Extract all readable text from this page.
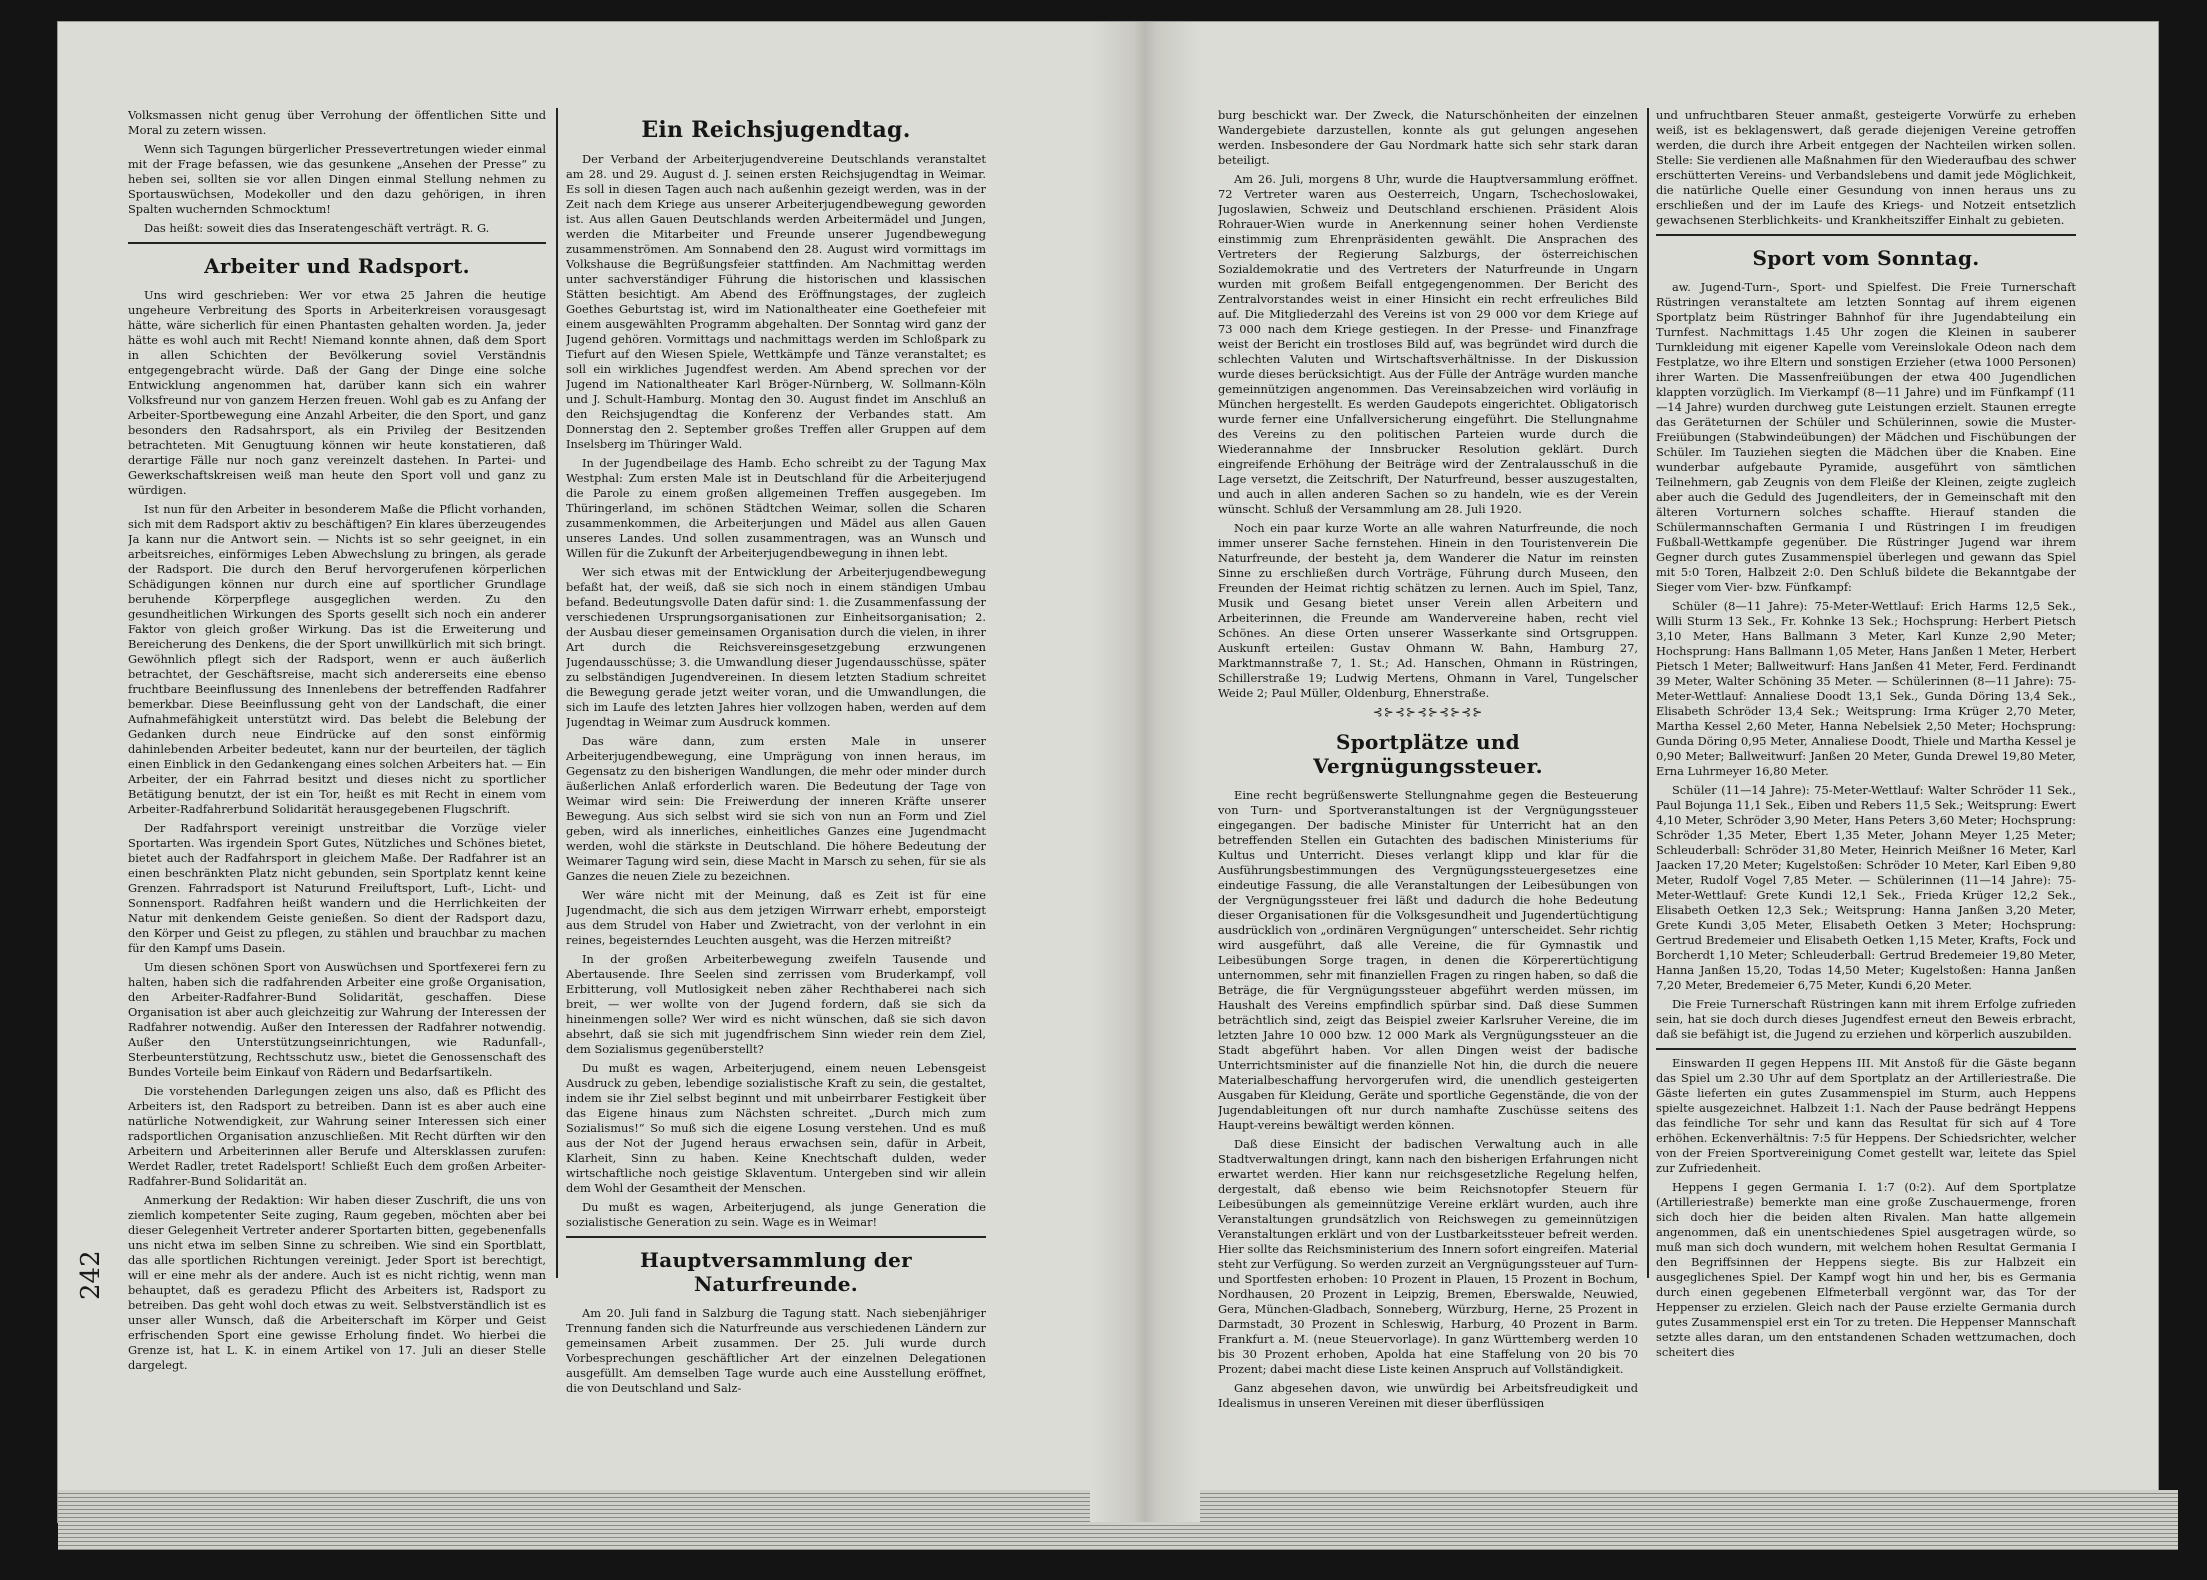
242

Volksmassen nicht genug über Verrohung der öffentlichen Sitte und Moral zu zetern wissen.

Wenn sich Tagungen bürgerlicher Pressevertretungen wieder einmal mit der Frage befassen, wie das gesunkene „Ansehen der Presse“ zu heben sei, sollten sie vor allen Dingen einmal Stellung nehmen zu Sportauswüchsen, Modekoller und den dazu gehörigen, in ihren Spalten wuchernden Schmocktum!

Das heißt: soweit dies das Inseratengeschäft verträgt. R. G.

Arbeiter und Radsport.

Uns wird geschrieben: Wer vor etwa 25 Jahren die heutige ungeheure Verbreitung des Sports in Arbeiterkreisen vorausgesagt hätte, wäre sicherlich für einen Phantasten gehalten worden. Ja, jeder hätte es wohl auch mit Recht! Niemand konnte ahnen, daß dem Sport in allen Schichten der Bevölkerung soviel Verständnis entgegengebracht würde. Daß der Gang der Dinge eine solche Entwicklung angenommen hat, darüber kann sich ein wahrer Volksfreund nur von ganzem Herzen freuen. Wohl gab es zu Anfang der Arbeiter-Sportbewegung eine Anzahl Arbeiter, die den Sport, und ganz besonders den Radsahrsport, als ein Privileg der Besitzenden betrachteten. Mit Genugtuung können wir heute konstatieren, daß derartige Fälle nur noch ganz vereinzelt dastehen. In Partei- und Gewerkschaftskreisen weiß man heute den Sport voll und ganz zu würdigen.

Ist nun für den Arbeiter in besonderem Maße die Pflicht vorhanden, sich mit dem Radsport aktiv zu beschäftigen? Ein klares überzeugendes Ja kann nur die Antwort sein. — Nichts ist so sehr geeignet, in ein arbeitsreiches, einförmiges Leben Abwechslung zu bringen, als gerade der Radsport. Die durch den Beruf hervorgerufenen körperlichen Schädigungen können nur durch eine auf sportlicher Grundlage beruhende Körperpflege ausgeglichen werden. Zu den gesundheitlichen Wirkungen des Sports gesellt sich noch ein anderer Faktor von gleich großer Wirkung. Das ist die Erweiterung und Bereicherung des Denkens, die der Sport unwillkürlich mit sich bringt. Gewöhnlich pflegt sich der Radsport, wenn er auch äußerlich betrachtet, der Geschäftsreise, macht sich andererseits eine ebenso fruchtbare Beeinflussung des Innenlebens der betreffenden Radfahrer bemerkbar. Diese Beeinflussung geht von der Landschaft, die einer Aufnahmefähigkeit unterstützt wird. Das belebt die Belebung der Gedanken durch neue Eindrücke auf den sonst einförmig dahinlebenden Arbeiter bedeutet, kann nur der beurteilen, der täglich einen Einblick in den Gedankengang eines solchen Arbeiters hat. — Ein Arbeiter, der ein Fahrrad besitzt und dieses nicht zu sportlicher Betätigung benutzt, der ist ein Tor, heißt es mit Recht in einem vom Arbeiter-Radfahrerbund Solidarität herausgegebenen Flugschrift.

Der Radfahrsport vereinigt unstreitbar die Vorzüge vieler Sportarten. Was irgendein Sport Gutes, Nützliches und Schönes bietet, bietet auch der Radfahrsport in gleichem Maße. Der Radfahrer ist an einen beschränkten Platz nicht gebunden, sein Sportplatz kennt keine Grenzen. Fahrradsport ist Naturund Freiluftsport, Luft-, Licht- und Sonnensport. Radfahren heißt wandern und die Herrlichkeiten der Natur mit denkendem Geiste genießen. So dient der Radsport dazu, den Körper und Geist zu pflegen, zu stählen und brauchbar zu machen für den Kampf ums Dasein.

Um diesen schönen Sport von Auswüchsen und Sportfexerei fern zu halten, haben sich die radfahrenden Arbeiter eine große Organisation, den Arbeiter-Radfahrer-Bund Solidarität, geschaffen. Diese Organisation ist aber auch gleichzeitig zur Wahrung der Interessen der Radfahrer notwendig. Außer den Interessen der Radfahrer notwendig. Außer den Unterstützungseinrichtungen, wie Radunfall-, Sterbeunterstützung, Rechtsschutz usw., bietet die Genossenschaft des Bundes Vorteile beim Einkauf von Rädern und Bedarfsartikeln.

Die vorstehenden Darlegungen zeigen uns also, daß es Pflicht des Arbeiters ist, den Radsport zu betreiben. Dann ist es aber auch eine natürliche Notwendigkeit, zur Wahrung seiner Interessen sich einer radsportlichen Organisation anzuschließen. Mit Recht dürften wir den Arbeitern und Arbeiterinnen aller Berufe und Altersklassen zurufen: Werdet Radler, tretet Radelsport! Schließt Euch dem großen Arbeiter-Radfahrer-Bund Solidarität an.

Anmerkung der Redaktion: Wir haben dieser Zuschrift, die uns von ziemlich kompetenter Seite zuging, Raum gegeben, möchten aber bei dieser Gelegenheit Vertreter anderer Sportarten bitten, gegebenenfalls uns nicht etwa im selben Sinne zu schreiben. Wie sind ein Sportblatt, das alle sportlichen Richtungen vereinigt. Jeder Sport ist berechtigt, will er eine mehr als der andere. Auch ist es nicht richtig, wenn man behauptet, daß es geradezu Pflicht des Arbeiters ist, Radsport zu betreiben. Das geht wohl doch etwas zu weit. Selbstverständlich ist es unser aller Wunsch, daß die Arbeiterschaft im Körper und Geist erfrischenden Sport eine gewisse Erholung findet. Wo hierbei die Grenze ist, hat L. K. in einem Artikel von 17. Juli an dieser Stelle dargelegt.

Ein Reichsjugendtag.

Der Verband der Arbeiterjugendvereine Deutschlands veranstaltet am 28. und 29. August d. J. seinen ersten Reichsjugendtag in Weimar. Es soll in diesen Tagen auch nach außenhin gezeigt werden, was in der Zeit nach dem Kriege aus unserer Arbeiterjugendbewegung geworden ist. Aus allen Gauen Deutschlands werden Arbeitermädel und Jungen, werden die Mitarbeiter und Freunde unserer Jugendbewegung zusammenströmen. Am Sonnabend den 28. August wird vormittags im Volkshause die Begrüßungsfeier stattfinden. Am Nachmittag werden unter sachverständiger Führung die historischen und klassischen Stätten besichtigt. Am Abend des Eröffnungstages, der zugleich Goethes Geburtstag ist, wird im Nationaltheater eine Goethefeier mit einem ausgewählten Programm abgehalten. Der Sonntag wird ganz der Jugend gehören. Vormittags und nachmittags werden im Schloßpark zu Tiefurt auf den Wiesen Spiele, Wettkämpfe und Tänze veranstaltet; es soll ein wirkliches Jugendfest werden. Am Abend sprechen vor der Jugend im Nationaltheater Karl Bröger-Nürnberg, W. Sollmann-Köln und J. Schult-Hamburg. Montag den 30. August findet im Anschluß an den Reichsjugendtag die Konferenz der Verbandes statt. Am Donnerstag den 2. September großes Treffen aller Gruppen auf dem Inselsberg im Thüringer Wald.

In der Jugendbeilage des Hamb. Echo schreibt zu der Tagung Max Westphal: Zum ersten Male ist in Deutschland für die Arbeiterjugend die Parole zu einem großen allgemeinen Treffen ausgegeben. Im Thüringerland, im schönen Städtchen Weimar, sollen die Scharen zusammenkommen, die Arbeiterjungen und Mädel aus allen Gauen unseres Landes. Und sollen zusammentragen, was an Wunsch und Willen für die Zukunft der Arbeiterjugendbewegung in ihnen lebt.

Wer sich etwas mit der Entwicklung der Arbeiterjugendbewegung befaßt hat, der weiß, daß sie sich noch in einem ständigen Umbau befand. Bedeutungsvolle Daten dafür sind: 1. die Zusammenfassung der verschiedenen Ursprungsorganisationen zur Einheitsorganisation; 2. der Ausbau dieser gemeinsamen Organisation durch die vielen, in ihrer Art durch die Reichsvereinsgesetzgebung erzwungenen Jugendausschüsse; 3. die Umwandlung dieser Jugendausschüsse, später zu selbständigen Jugendvereinen. In diesem letzten Stadium schreitet die Bewegung gerade jetzt weiter voran, und die Umwandlungen, die sich im Laufe des letzten Jahres hier vollzogen haben, werden auf dem Jugendtag in Weimar zum Ausdruck kommen.

Das wäre dann, zum ersten Male in unserer Arbeiterjugendbewegung, eine Umprägung von innen heraus, im Gegensatz zu den bisherigen Wandlungen, die mehr oder minder durch äußerlichen Anlaß erforderlich waren. Die Bedeutung der Tage von Weimar wird sein: Die Freiwerdung der inneren Kräfte unserer Bewegung. Aus sich selbst wird sie sich von nun an Form und Ziel geben, wird als innerliches, einheitliches Ganzes eine Jugendmacht werden, wohl die stärkste in Deutschland. Die höhere Bedeutung der Weimarer Tagung wird sein, diese Macht in Marsch zu sehen, für sie als Ganzes die neuen Ziele zu bezeichnen.

Wer wäre nicht mit der Meinung, daß es Zeit ist für eine Jugendmacht, die sich aus dem jetzigen Wirrwarr erhebt, emporsteigt aus dem Strudel von Haber und Zwietracht, von der verlohnt in ein reines, begeisterndes Leuchten ausgeht, was die Herzen mitreißt?

In der großen Arbeiterbewegung zweifeln Tausende und Abertausende. Ihre Seelen sind zerrissen vom Bruderkampf, voll Erbitterung, voll Mutlosigkeit neben zäher Rechthaberei nach sich breit, — wer wollte von der Jugend fordern, daß sie sich da hineinmengen solle? Wer wird es nicht wünschen, daß sie sich davon absehrt, daß sie sich mit jugendfrischem Sinn wieder rein dem Ziel, dem Sozialismus gegenüberstellt?

Du mußt es wagen, Arbeiterjugend, einem neuen Lebensgeist Ausdruck zu geben, lebendige sozialistische Kraft zu sein, die gestaltet, indem sie ihr Ziel selbst beginnt und mit unbeirrbarer Festigkeit über das Eigene hinaus zum Nächsten schreitet. „Durch mich zum Sozialismus!“ So muß sich die eigene Losung verstehen. Und es muß aus der Not der Jugend heraus erwachsen sein, dafür in Arbeit, Klarheit, Sinn zu haben. Keine Knechtschaft dulden, weder wirtschaftliche noch geistige Sklaventum. Untergeben sind wir allein dem Wohl der Gesamtheit der Menschen.

Du mußt es wagen, Arbeiterjugend, als junge Generation die sozialistische Generation zu sein. Wage es in Weimar!

Hauptversammlung der Naturfreunde.

Am 20. Juli fand in Salzburg die Tagung statt. Nach siebenjähriger Trennung fanden sich die Naturfreunde aus verschiedenen Ländern zur gemeinsamen Arbeit zusammen. Der 25. Juli wurde durch Vorbesprechungen geschäftlicher Art der einzelnen Delegationen ausgefüllt. Am demselben Tage wurde auch eine Ausstellung eröffnet, die von Deutschland und Salz-

burg beschickt war. Der Zweck, die Naturschönheiten der einzelnen Wandergebiete darzustellen, konnte als gut gelungen angesehen werden. Insbesondere der Gau Nordmark hatte sich sehr stark daran beteiligt.

Am 26. Juli, morgens 8 Uhr, wurde die Hauptversammlung eröffnet. 72 Vertreter waren aus Oesterreich, Ungarn, Tschechoslowakei, Jugoslawien, Schweiz und Deutschland erschienen. Präsident Alois Rohrauer-Wien wurde in Anerkennung seiner hohen Verdienste einstimmig zum Ehrenpräsidenten gewählt. Die Ansprachen des Vertreters der Regierung Salzburgs, der österreichischen Sozialdemokratie und des Vertreters der Naturfreunde in Ungarn wurden mit großem Beifall entgegengenommen. Der Bericht des Zentralvorstandes weist in einer Hinsicht ein recht erfreuliches Bild auf. Die Mitgliederzahl des Vereins ist von 29 000 vor dem Kriege auf 73 000 nach dem Kriege gestiegen. In der Presse- und Finanzfrage weist der Bericht ein trostloses Bild auf, was begründet wird durch die schlechten Valuten und Wirtschaftsverhältnisse. In der Diskussion wurde dieses berücksichtigt. Aus der Fülle der Anträge wurden manche gemeinnützigen angenommen. Das Vereinsabzeichen wird vorläufig in München hergestellt. Es werden Gaudepots eingerichtet. Obligatorisch wurde ferner eine Unfallversicherung eingeführt. Die Stellungnahme des Vereins zu den politischen Parteien wurde durch die Wiederannahme der Innsbrucker Resolution geklärt. Durch eingreifende Erhöhung der Beiträge wird der Zentralausschuß in die Lage versetzt, die Zeitschrift, Der Naturfreund, besser auszugestalten, und auch in allen anderen Sachen so zu handeln, wie es der Verein wünscht. Schluß der Versammlung am 28. Juli 1920.

Noch ein paar kurze Worte an alle wahren Naturfreunde, die noch immer unserer Sache fernstehen. Hinein in den Touristenverein Die Naturfreunde, der besteht ja, dem Wanderer die Natur im reinsten Sinne zu erschließen durch Vorträge, Führung durch Museen, den Freunden der Heimat richtig schätzen zu lernen. Auch im Spiel, Tanz, Musik und Gesang bietet unser Verein allen Arbeitern und Arbeiterinnen, die Freunde am Wandervereine haben, recht viel Schönes. An diese Orten unserer Wasserkante sind Ortsgruppen. Auskunft erteilen: Gustav Ohmann W. Bahn, Hamburg 27, Marktmannstraße 7, 1. St.; Ad. Hanschen, Ohmann in Rüstringen, Schillerstraße 19; Ludwig Mertens, Ohmann in Varel, Tungelscher Weide 2; Paul Müller, Oldenburg, Ehnerstraße.

⊰⊱⊰⊱⊰⊱⊰⊱⊰⊱
Sportplätze und Vergnügungssteuer.

Eine recht begrüßenswerte Stellungnahme gegen die Besteuerung von Turn- und Sportveranstaltungen ist der Vergnügungssteuer eingegangen. Der badische Minister für Unterricht hat an den betreffenden Stellen ein Gutachten des badischen Ministeriums für Kultus und Unterricht. Dieses verlangt klipp und klar für die Ausführungsbestimmungen des Vergnügungssteuergesetzes eine eindeutige Fassung, die alle Veranstaltungen der Leibesübungen von der Vergnügungssteuer frei läßt und dadurch die hohe Bedeutung dieser Organisationen für die Volksgesundheit und Jugendertüchtigung ausdrücklich von „ordinären Vergnügungen“ unterscheidet. Sehr richtig wird ausgeführt, daß alle Vereine, die für Gymnastik und Leibesübungen Sorge tragen, in denen die Körperertüchtigung unternommen, sehr mit finanziellen Fragen zu ringen haben, so daß die Beträge, die für Vergnügungssteuer abgeführt werden müssen, im Haushalt des Vereins empfindlich spürbar sind. Daß diese Summen beträchtlich sind, zeigt das Beispiel zweier Karlsruher Vereine, die im letzten Jahre 10 000 bzw. 12 000 Mark als Vergnügungssteuer an die Stadt abgeführt haben. Vor allen Dingen weist der badische Unterrichtsminister auf die finanzielle Not hin, die durch die neuere Materialbeschaffung hervorgerufen wird, die unendlich gesteigerten Ausgaben für Kleidung, Geräte und sportliche Gegenstände, die von der Jugendableitungen oft nur durch namhafte Zuschüsse seitens des Haupt-vereins bewältigt werden können.

Daß diese Einsicht der badischen Verwaltung auch in alle Stadtverwaltungen dringt, kann nach den bisherigen Erfahrungen nicht erwartet werden. Hier kann nur reichsgesetzliche Regelung helfen, dergestalt, daß ebenso wie beim Reichsnotopfer Steuern für Leibesübungen als gemeinnützige Vereine erklärt wurden, auch ihre Veranstaltungen grundsätzlich von Reichswegen zu gemeinnützigen Veranstaltungen erklärt und von der Lustbarkeitssteuer befreit werden. Hier sollte das Reichsministerium des Innern sofort eingreifen. Material steht zur Verfügung. So werden zurzeit an Vergnügungssteuer auf Turn- und Sportfesten erhoben: 10 Prozent in Plauen, 15 Prozent in Bochum, Nordhausen, 20 Prozent in Leipzig, Bremen, Eberswalde, Neuwied, Gera, München-Gladbach, Sonneberg, Würzburg, Herne, 25 Prozent in Darmstadt, 30 Prozent in Schleswig, Harburg, 40 Prozent in Barm. Frankfurt a. M. (neue Steuervorlage). In ganz Württemberg werden 10 bis 30 Prozent erhoben, Apolda hat eine Staffelung von 20 bis 70 Prozent; dabei macht diese Liste keinen Anspruch auf Vollständigkeit.

Ganz abgesehen davon, wie unwürdig bei Arbeitsfreudigkeit und Idealismus in unseren Vereinen mit dieser überflüssigen

und unfruchtbaren Steuer anmaßt, gesteigerte Vorwürfe zu erheben weiß, ist es beklagenswert, daß gerade diejenigen Vereine getroffen werden, die durch ihre Arbeit entgegen der Nachteilen wirken sollen. Stelle: Sie verdienen alle Maßnahmen für den Wiederaufbau des schwer erschütterten Vereins- und Verbandslebens und damit jede Möglichkeit, die natürliche Quelle einer Gesundung von innen heraus uns zu erschließen und der im Laufe des Kriegs- und Notzeit entsetzlich gewachsenen Sterblichkeits- und Krankheitsziffer Einhalt zu gebieten.

Sport vom Sonntag.

aw. Jugend-Turn-, Sport- und Spielfest. Die Freie Turnerschaft Rüstringen veranstaltete am letzten Sonntag auf ihrem eigenen Sportplatz beim Rüstringer Bahnhof für ihre Jugendabteilung ein Turnfest. Nachmittags 1.45 Uhr zogen die Kleinen in sauberer Turnkleidung mit eigener Kapelle vom Vereinslokale Odeon nach dem Festplatze, wo ihre Eltern und sonstigen Erzieher (etwa 1000 Personen) ihrer Warten. Die Massenfreiübungen der etwa 400 Jugendlichen klappten vorzüglich. Im Vierkampf (8—11 Jahre) und im Fünfkampf (11—14 Jahre) wurden durchweg gute Leistungen erzielt. Staunen erregte das Geräteturnen der Schüler und Schülerinnen, sowie die Muster-Freiübungen (Stabwindeübungen) der Mädchen und Fischübungen der Schüler. Im Tauziehen siegten die Mädchen über die Knaben. Eine wunderbar aufgebaute Pyramide, ausgeführt von sämtlichen Teilnehmern, gab Zeugnis von dem Fleiße der Kleinen, zeigte zugleich aber auch die Geduld des Jugendleiters, der in Gemeinschaft mit den älteren Vorturnern solches schaffte. Hierauf standen die Schülermannschaften Germania I und Rüstringen I im freudigen Fußball-Wettkampfe gegenüber. Die Rüstringer Jugend war ihrem Gegner durch gutes Zusammenspiel überlegen und gewann das Spiel mit 5:0 Toren, Halbzeit 2:0. Den Schluß bildete die Bekanntgabe der Sieger vom Vier- bzw. Fünfkampf:

Schüler (8—11 Jahre): 75-Meter-Wettlauf: Erich Harms 12,5 Sek., Willi Sturm 13 Sek., Fr. Kohnke 13 Sek.; Hochsprung: Herbert Pietsch 3,10 Meter, Hans Ballmann 3 Meter, Karl Kunze 2,90 Meter; Hochsprung: Hans Ballmann 1,05 Meter, Hans Janßen 1 Meter, Herbert Pietsch 1 Meter; Ballweitwurf: Hans Janßen 41 Meter, Ferd. Ferdinandt 39 Meter, Walter Schöning 35 Meter. — Schülerinnen (8—11 Jahre): 75-Meter-Wettlauf: Annaliese Doodt 13,1 Sek., Gunda Döring 13,4 Sek., Elisabeth Schröder 13,4 Sek.; Weitsprung: Irma Krüger 2,70 Meter, Martha Kessel 2,60 Meter, Hanna Nebelsiek 2,50 Meter; Hochsprung: Gunda Döring 0,95 Meter, Annaliese Doodt, Thiele und Martha Kessel je 0,90 Meter; Ballweitwurf: Janßen 20 Meter, Gunda Drewel 19,80 Meter, Erna Luhrmeyer 16,80 Meter.

Schüler (11—14 Jahre): 75-Meter-Wettlauf: Walter Schröder 11 Sek., Paul Bojunga 11,1 Sek., Eiben und Rebers 11,5 Sek.; Weitsprung: Ewert 4,10 Meter, Schröder 3,90 Meter, Hans Peters 3,60 Meter; Hochsprung: Schröder 1,35 Meter, Ebert 1,35 Meter, Johann Meyer 1,25 Meter; Schleuderball: Schröder 31,80 Meter, Heinrich Meißner 16 Meter, Karl Jaacken 17,20 Meter; Kugelstoßen: Schröder 10 Meter, Karl Eiben 9,80 Meter, Rudolf Vogel 7,85 Meter. — Schülerinnen (11—14 Jahre): 75-Meter-Wettlauf: Grete Kundi 12,1 Sek., Frieda Krüger 12,2 Sek., Elisabeth Oetken 12,3 Sek.; Weitsprung: Hanna Janßen 3,20 Meter, Grete Kundi 3,05 Meter, Elisabeth Oetken 3 Meter; Hochsprung: Gertrud Bredemeier und Elisabeth Oetken 1,15 Meter, Krafts, Fock und Borcherdt 1,10 Meter; Schleuderball: Gertrud Bredemeier 19,80 Meter, Hanna Janßen 15,20, Todas 14,50 Meter; Kugelstoßen: Hanna Janßen 7,20 Meter, Bredemeier 6,75 Meter, Kundi 6,20 Meter.

Die Freie Turnerschaft Rüstringen kann mit ihrem Erfolge zufrieden sein, hat sie doch durch dieses Jugendfest erneut den Beweis erbracht, daß sie befähigt ist, die Jugend zu erziehen und körperlich auszubilden.

Einswarden II gegen Heppens III. Mit Anstoß für die Gäste begann das Spiel um 2.30 Uhr auf dem Sportplatz an der Artilleriestraße. Die Gäste lieferten ein gutes Zusammenspiel im Sturm, auch Heppens spielte ausgezeichnet. Halbzeit 1:1. Nach der Pause bedrängt Heppens das feindliche Tor sehr und kann das Resultat für sich auf 4 Tore erhöhen. Eckenverhältnis: 7:5 für Heppens. Der Schiedsrichter, welcher von der Freien Sportvereinigung Comet gestellt war, leitete das Spiel zur Zufriedenheit.

Heppens I gegen Germania I. 1:7 (0:2). Auf dem Sportplatze (Artilleriestraße) bemerkte man eine große Zuschauermenge, froren sich doch hier die beiden alten Rivalen. Man hatte allgemein angenommen, daß ein unentschiedenes Spiel ausgetragen würde, so muß man sich doch wundern, mit welchem hohen Resultat Germania I den Begriffsinnen der Heppens siegte. Bis zur Halbzeit ein ausgeglichenes Spiel. Der Kampf wogt hin und her, bis es Germania durch einen gegebenen Elfmeterball vergönnt war, das Tor der Heppenser zu erzielen. Gleich nach der Pause erzielte Germania durch gutes Zusammenspiel erst ein Tor zu treten. Die Heppenser Mannschaft setzte alles daran, um den entstandenen Schaden wettzumachen, doch scheitert dies
